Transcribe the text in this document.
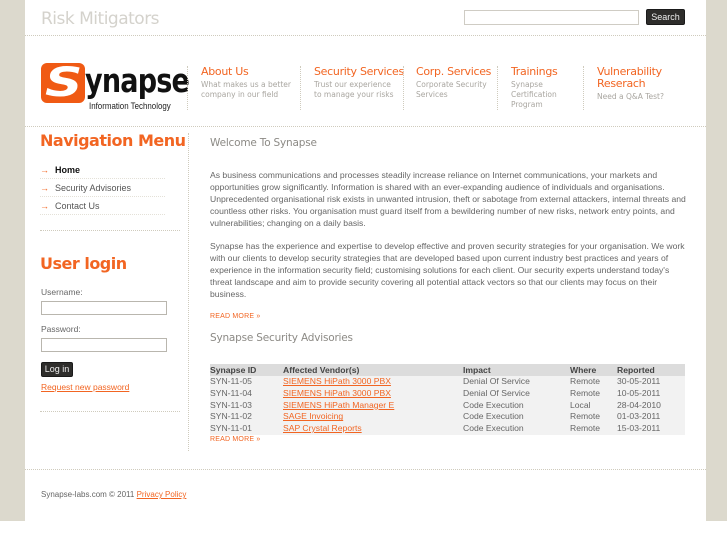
Risk Mitigators	Search
S ynapse
Information Technology
About Us
What makes us a better company in our field
Security Services
Trust our experience to manage your risks
Corp. Services
Corporate Security Services
Trainings
Synapse Certification Program
Vulnerability Reserach
Need a Q&A Test?
Navigation Menu
→ Home
→ Security Advisories
→ Contact Us
User login
Username:
Password:
Log in
Request new password
Welcome To Synapse
As business communications and processes steadily increase reliance on Internet communications, your markets and opportunities grow significantly. Information is shared with an ever-expanding audience of individuals and organisations. Unprecedented organisational risk exists in unwanted intrusion, theft or sabotage from external attackers, internal threats and countless other risks. You organisation must guard itself from a bewildering number of new risks, network entry points, and vulnerabilities; changing on a daily basis.
Synapse has the experience and expertise to develop effective and proven security strategies for your organisation. We work with our clients to develop security strategies that are developed based upon current industry best practices and years of experience in the information security field; customising solutions for each client. Our security experts understand today's threat landscape and aim to provide security covering all potential attack vectors so that our clients may focus on their business.
READ MORE »
Synapse Security Advisories
Synapse ID	Affected Vendor(s)	Impact	Where	Reported
SYN-11-05	SIEMENS HiPath 3000 PBX	Denial Of Service	Remote	30-05-2011
SYN-11-04	SIEMENS HiPath 3000 PBX	Denial Of Service	Remote	10-05-2011
SYN-11-03	SIEMENS HiPath Manager E	Code Execution	Local	28-04-2010
SYN-11-02	SAGE Invoicing	Code Execution	Remote	01-03-2011
SYN-11-01	SAP Crystal Reports	Code Execution	Remote	15-03-2011
READ MORE »
Synapse-labs.com © 2011 Privacy Policy
